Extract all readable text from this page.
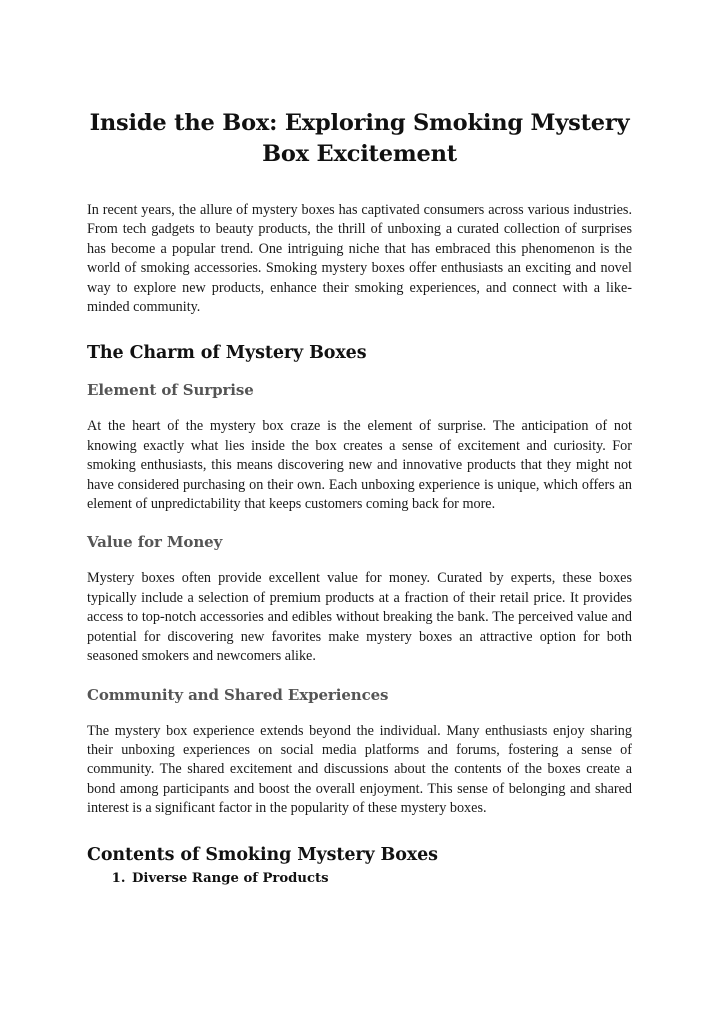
Inside the Box: Exploring Smoking Mystery Box Excitement

In recent years, the allure of mystery boxes has captivated consumers across various industries. From tech gadgets to beauty products, the thrill of unboxing a curated collection of surprises has become a popular trend. One intriguing niche that has embraced this phenomenon is the world of smoking accessories. Smoking mystery boxes offer enthusiasts an exciting and novel way to explore new products, enhance their smoking experiences, and connect with a like-minded community.

The Charm of Mystery Boxes
Element of Surprise

At the heart of the mystery box craze is the element of surprise. The anticipation of not knowing exactly what lies inside the box creates a sense of excitement and curiosity. For smoking enthusiasts, this means discovering new and innovative products that they might not have considered purchasing on their own. Each unboxing experience is unique, which offers an element of unpredictability that keeps customers coming back for more.

Value for Money

Mystery boxes often provide excellent value for money. Curated by experts, these boxes typically include a selection of premium products at a fraction of their retail price. It provides access to top-notch accessories and edibles without breaking the bank. The perceived value and potential for discovering new favorites make mystery boxes an attractive option for both seasoned smokers and newcomers alike.

Community and Shared Experiences

The mystery box experience extends beyond the individual. Many enthusiasts enjoy sharing their unboxing experiences on social media platforms and forums, fostering a sense of community. The shared excitement and discussions about the contents of the boxes create a bond among participants and boost the overall enjoyment. This sense of belonging and shared interest is a significant factor in the popularity of these mystery boxes.

Contents of Smoking Mystery Boxes
1. Diverse Range of Products
